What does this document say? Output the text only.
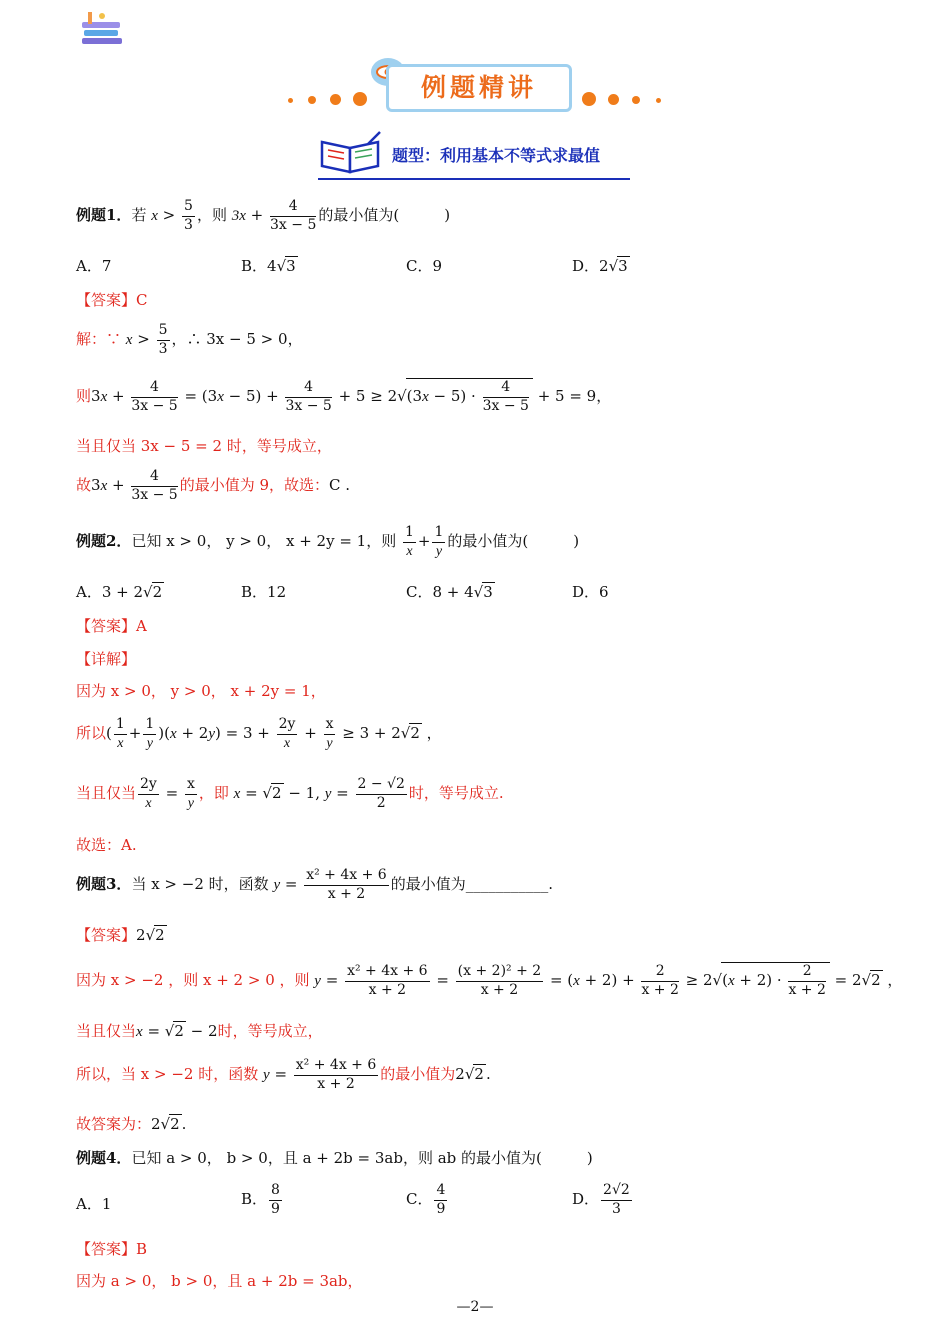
例题精讲
题型：利用基本不等式求最值
例题1．若 $x > \frac{5}{3}$ ，则 $3x + \frac{4}{3x - 5}$ 的最小值为(　　　)
A．7	B．4√3	C．9	D．2√3
【答案】C
解：∵ $x > \frac{5}{3}$ ，∴ 3x − 5 > 0，
则$3x + \frac{4}{3x - 5} = (3x - 5) + \frac{4}{3x - 5} + 5 \ge 2√(3x - 5) \cdot \frac{4}{3x - 5} + 5 = 9$，
当且仅当 3x − 5 = 2 时，等号成立，
故$3x + \frac{4}{3x - 5}$ 的最小值为 9，故选：C .
例题2．已知 x > 0， y > 0， x + 2y = 1，则 $\frac{1}{x} + \frac{1}{y}$ 的最小值为(　　　)
A．3 + 2√2	B．12	C．8 + 4√3	D．6
【答案】A
【详解】
因为 x > 0， y > 0， x + 2y = 1，
所以( $\frac{1}{x} + \frac{1}{y} )(x + 2y) = 3 + \frac{2y}{x} + \frac{x}{y} \ge 3 + 2√2$ ，
当且仅当 $\frac{2y}{x} = \frac{x}{y}$ ，即 x = √2 − 1, $y = \frac{2 - √2}{2}$ 时，等号成立.
故选：A.
例题3．当 x > −2 时，函数 $y = \frac{\text{x² + 4x + 6}}{x + 2}$ 的最小值为___________.
【答案】2√2
因为 x > −2 ，则 x + 2 > 0 ，则 $y = \frac{\text{x² + 4x + 6}}{x + 2} = \frac{\text{(x + 2)² + 2}}{x + 2} = (x + 2) + \frac{2}{x + 2} \ge 2√(x + 2) \cdot \frac{2}{x + 2} = 2√2$ ，
当且仅当x = √2 − 2时，等号成立，
所以，当 x > −2 时，函数 $y = \frac{\text{x² + 4x + 6}}{x + 2}$ 的最小值为2√2 .
故答案为：2√2 .
例题4．已知 a > 0， b > 0，且 a + 2b = 3ab，则 ab 的最小值为(　　　)
A．1	B． $\frac{8}{9}$	C． $\frac{4}{9}$	D． $\frac{2√2}{3}$
【答案】B
因为 a > 0， b > 0，且 a + 2b = 3ab，
—2—
